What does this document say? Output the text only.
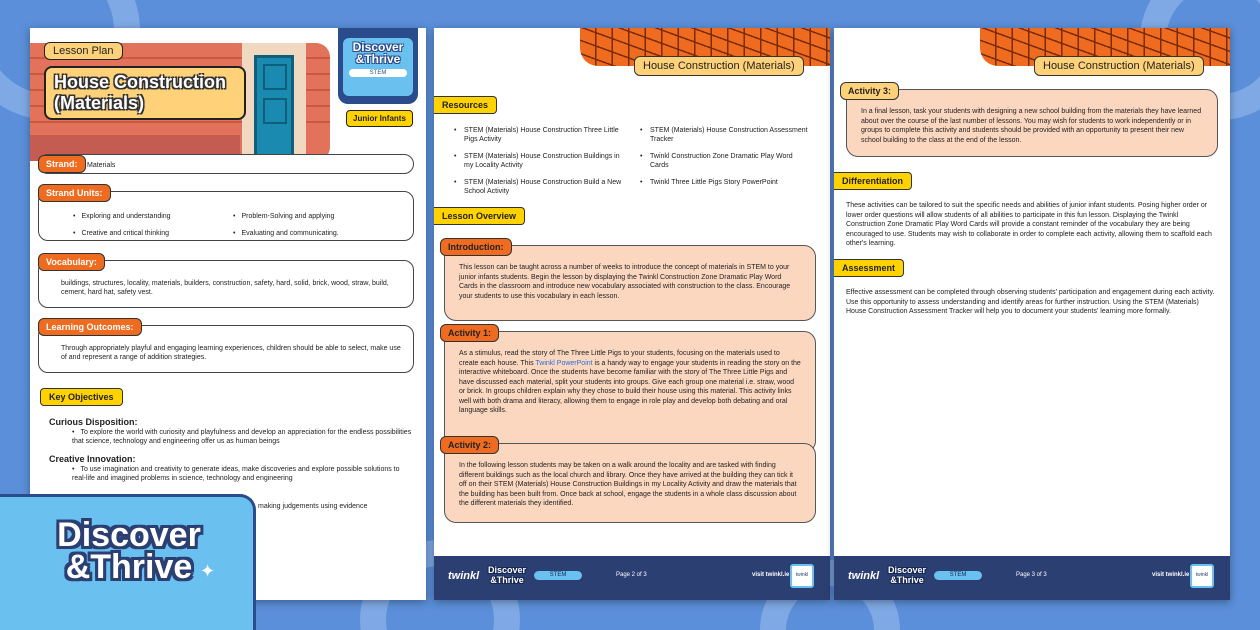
Lesson Plan
House Construction (Materials)
Discover
&Thrive
STEM
Junior Infants
Strand:	Materials
Strand Units:
• Exploring and understanding	• Problem-Solving and applying
• Creative and critical thinking	• Evaluating and communicating.
Vocabulary:
buildings, structures, locality, materials, builders, construction, safety, hard, solid, brick, wood, straw, build, cement, hard hat, safety vest.
Learning Outcomes:
Through appropriately playful and engaging learning experiences, children should be able to select, make use of and represent a range of addition strategies.
Key Objectives
Curious Disposition:
• To explore the world with curiosity and playfulness and develop an appreciation for the endless possibilities that science, technology and engineering offer us as human beings
Creative Innovation:
• To use imagination and creativity to generate ideas, make discoveries and explore possible solutions to real-life and imagined problems in science, technology and engineering
making judgements using evidence
House Construction (Materials)
Resources
•	STEM (Materials) House Construction Three Little Pigs Activity
•	STEM (Materials) House Construction Buildings in my Locality Activity
•	STEM (Materials) House Construction Build a New School Activity
•	STEM (Materials) House Construction Assessment Tracker
•	Twinkl Construction Zone Dramatic Play Word Cards
•	Twinkl Three Little Pigs Story PowerPoint
Lesson Overview
Introduction:
This lesson can be taught across a number of weeks to introduce the concept of materials in STEM to your junior infants students. Begin the lesson by displaying the Twinkl Construction Zone Dramatic Play Word Cards in the classroom and introduce new vocabulary associated with construction to the class. Encourage your students to use this vocabulary in each lesson.
Activity 1:
As a stimulus, read the story of The Three Little Pigs to your students, focusing on the materials used to create each house. This Twinkl PowerPoint is a handy way to engage your students in reading the story on the interactive whiteboard. Once the students have become familiar with the story of The Three Little Pigs and have discussed each material, split your students into groups. Give each group one material i.e. straw, wood or brick. In groups children explain why they chose to build their house using this material. This activity links well with both drama and literacy, allowing them to engage in role play and develop both debating and oral language skills.
Activity 2:
In the following lesson students may be taken on a walk around the locality and are tasked with finding different buildings such as the local church and library. Once they have arrived at the building they can tick it off on their STEM (Materials) House Construction Buildings in my Locality Activity and draw the materials that the building has been built from. Once back at school, engage the students in a whole class discussion about the different materials they identified.
twinkl Discover
&Thrive	STEM	Page 2 of 3	visit twinkl.ie	twinkl
House Construction (Materials)
Activity 3:
In a final lesson, task your students with designing a new school building from the materials they have learned about over the course of the last number of lessons. You may wish for students to work independently or in groups to complete this activity and students should be provided with an opportunity to present their new school building to the class at the end of the lesson.
Differentiation
These activities can be tailored to suit the specific needs and abilities of junior infant students. Posing higher order or lower order questions will allow students of all abilities to participate in this fun lesson. Displaying the Twinkl Construction Zone Dramatic Play Word Cards will provide a constant reminder of the vocabulary they are being encouraged to use. Students may wish to collaborate in order to complete each activity, allowing them to scaffold each other's learning.
Assessment
Effective assessment can be completed through observing students' participation and engagement during each activity. Use this opportunity to assess understanding and identify areas for further instruction. Using the STEM (Materials) House Construction Assessment Tracker will help you to document your students' learning more formally.
twinkl Discover
&Thrive	STEM	Page 3 of 3	visit twinkl.ie	twinkl
Discover
&Thrive ✦
